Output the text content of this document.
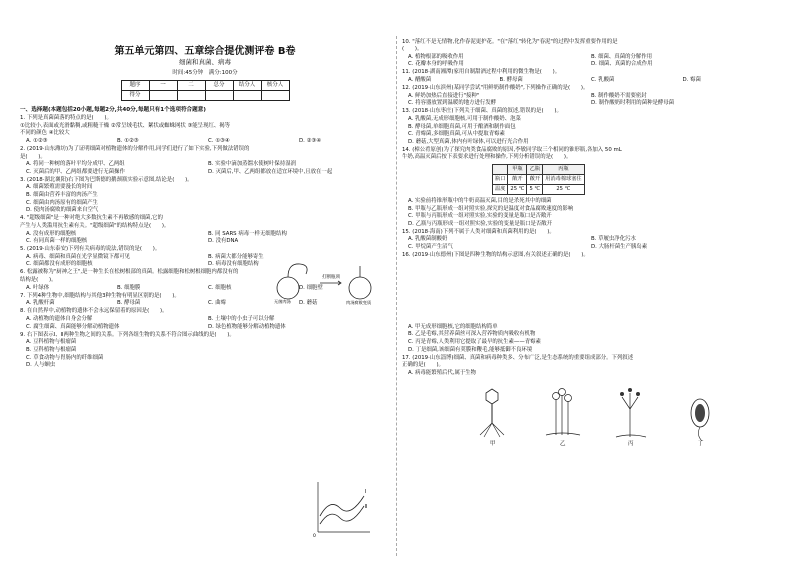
第五单元第四、五章综合提优测评卷 B卷
细菌和真菌、病毒
时间:45分钟　满分:100分
题序	一	二	总分	结分人	核分人
得分					
一、选择题(本题包括20小题,每题2分,共40分,每题只有1个选项符合题意)
1. 下列是真菌菌落的特点的是(　　)。
①比较小,表面或光滑黏稠,或粗糙干燥 ②常呈绒毛状、絮状或蜘蛛网状 ③能呈现红、褐等
不同的颜色 ④比较大
A. ①②③	B. ①②③	C. ①③④	D. ②③④
2. (2019·山东潍坊)为了证明细菌对植物遗体的分解作用,同学们进行了如下实验,下列做法错误的
是(　　)。
A. 将同一种树的落叶平均分成甲、乙两组	B. 实验中滴加蒸馏水使树叶保持湿润
C. 灭菌后的甲、乙两组都要进行无菌操作	D. 灭菌后,甲、乙两组都放在适宜环境中,且放在一起
3. (2018·湖北襄阳)右下图为巴斯德的鹅颈瓶实验示意图,结论是(　　)。
A. 细菌繁殖需要漫长的时间
B. 细菌由营养丰富的肉汤产生
C. 细菌由肉汤原有的细菌产生
D. 使肉汤腐败的细菌来自空气
4. "超级细菌"是一种对绝大多数抗生素不再敏感的细菌,它的
产生与人类滥用抗生素有关。"超级细菌"的结构特点是(　　)。
A. 没有成形的细胞核	B. 同 SARS 病毒一样无细胞结构
C. 有同真菌一样的细胞核	D. 没有DNA
5. (2019·山东泰安)下列有关病毒的说法,错误的是(　　)。
A. 病毒、细菌和真菌在光学显微镜下都可见	B. 病菌大都分能够寄生
C. 细菌都没有成形的细胞核	D. 病毒没有细胞结构
6. 松露被称为"厨神之王",是一种生长在松树根部的真菌。松露细胞和松树根细胞内都没有的
结构是(　　)。
A. 叶绿体	B. 细胞膜	C. 细胞核	D. 细胞壁
7. 下列4种生物中,细胞结构与其他3种生物有明显区别的是(　　)。
A. 乳酸杆菌	B. 酵母菌	C. 曲霉	D. 蘑菇
8. 在自然界中,动植物的遗体不会永远保留着的原因是(　　)。
A. 动植物的遗体自身会分解	B. 土壤中的小虫子可以分解
C. 腐生细菌、真菌能够分解动植物遗体	D. 绿色植物能够分解动植物遗体
9. 右下图表示Ⅰ、Ⅱ两种生物之间的关系。下列各组生物的关系不符合图示曲线的是(　　)。
A. 豆科植物与根瘤菌
B. 豆科植物与根瘤菌
C. 草食动物与胃肠内的纤维细菌
D. 人与蛔虫
10. "落红不是无情物,化作春泥更护花。"在"落红"转化为"春泥"的过程中发挥重要作用的是
(　　)。
A. 植物根部的吸收作用	B. 细菌、真菌的分解作用
C. 花瓣本身的呼吸作用	D. 细菌、真菌的合成作用
11. (2018·湖南湘潭)家用自制甜酒过程中利用的微生物是(　　)。
A. 醋酸菌	B. 酵母菌	C. 乳酸菌	D. 霉菌
12. (2019·山东滨州)某同学尝试"用鲜奶制作酸奶",下列操作正确的是(　　)。
A. 鲜奶加热后直接进行"接种"	B. 制作酸奶不需要密封
C. 将容器放置到温暖的地方进行发酵	D. 制作酸奶时利用的菌种是酵母菌
13. (2018·山东枣庄)下列关于细菌、真菌的叙述,错误的是(　　)。
A. 乳酸菌,无成形细胞核,可用于制作酸奶、泡菜
B. 酵母菌,单细胞真菌,可用于酿酒和制作面包
C. 青霉菌,多细胞真菌,可从中提取青霉素
D. 蘑菇,大型真菌,体内有叶绿体,可以进行光合作用
14. (樟公肴原创)为了探究肉类食品腐败的原因,李敏同学取三个相同的锥形瓶,各加入 50 mL
牛奶,高温灭菌后按下表要求进行处理和操作,下列分析错误的是(　　)。
	甲瓶	乙瓶	丙瓶
瓶口	敞开	敞开	用消毒棉球塞住
温度	25 ℃	5 ℃	25 ℃
A. 实验前将锥形瓶中的牛奶高温灭菌,目的是杀死其中的细菌
B. 甲瓶与乙瓶形成一组对照实验,探究的是温度对食品腐败速度的影响
C. 甲瓶与丙瓶形成一组对照实验,实验的变量是瓶口是否敞开
D. 乙瓶与丙瓶形成一组对照实验,实验的变量是瓶口是否敞开
15. (2018·海南)下列不属于人类对细菌和真菌利用的是(　　)。
A. 乳酸菌制酸奶	B. 草履虫净化污水
C. 甲烷菌产生沼气	D. 大肠杆菌生产胰岛素
16. (2019·山东德州)下图是四种生物的结构示意图,有关叙述正确的是(　　)。
A. 甲无成形细胞核,它的细胞结构简单
B. 乙是毛霉,其营养菌丝可深入营养物质内吸收有机物
C. 丙是青霉,人类利用它提取了最早的抗生素——青霉素
D. 丁是细菌,该细菌有荚膜和鞭毛,能够抵御不良环境
17. (2019·山东淄博)细菌、真菌和病毒种类多、分布广泛,是生态系统的重要组成部分。下列叙述
正确的是(　　)。
A. 病毒能繁殖后代,属于生物
打断瓶颈
无菌肉汤	肉汤腐败变质
Ⅰ
Ⅱ
0
甲	乙	丙	丁
